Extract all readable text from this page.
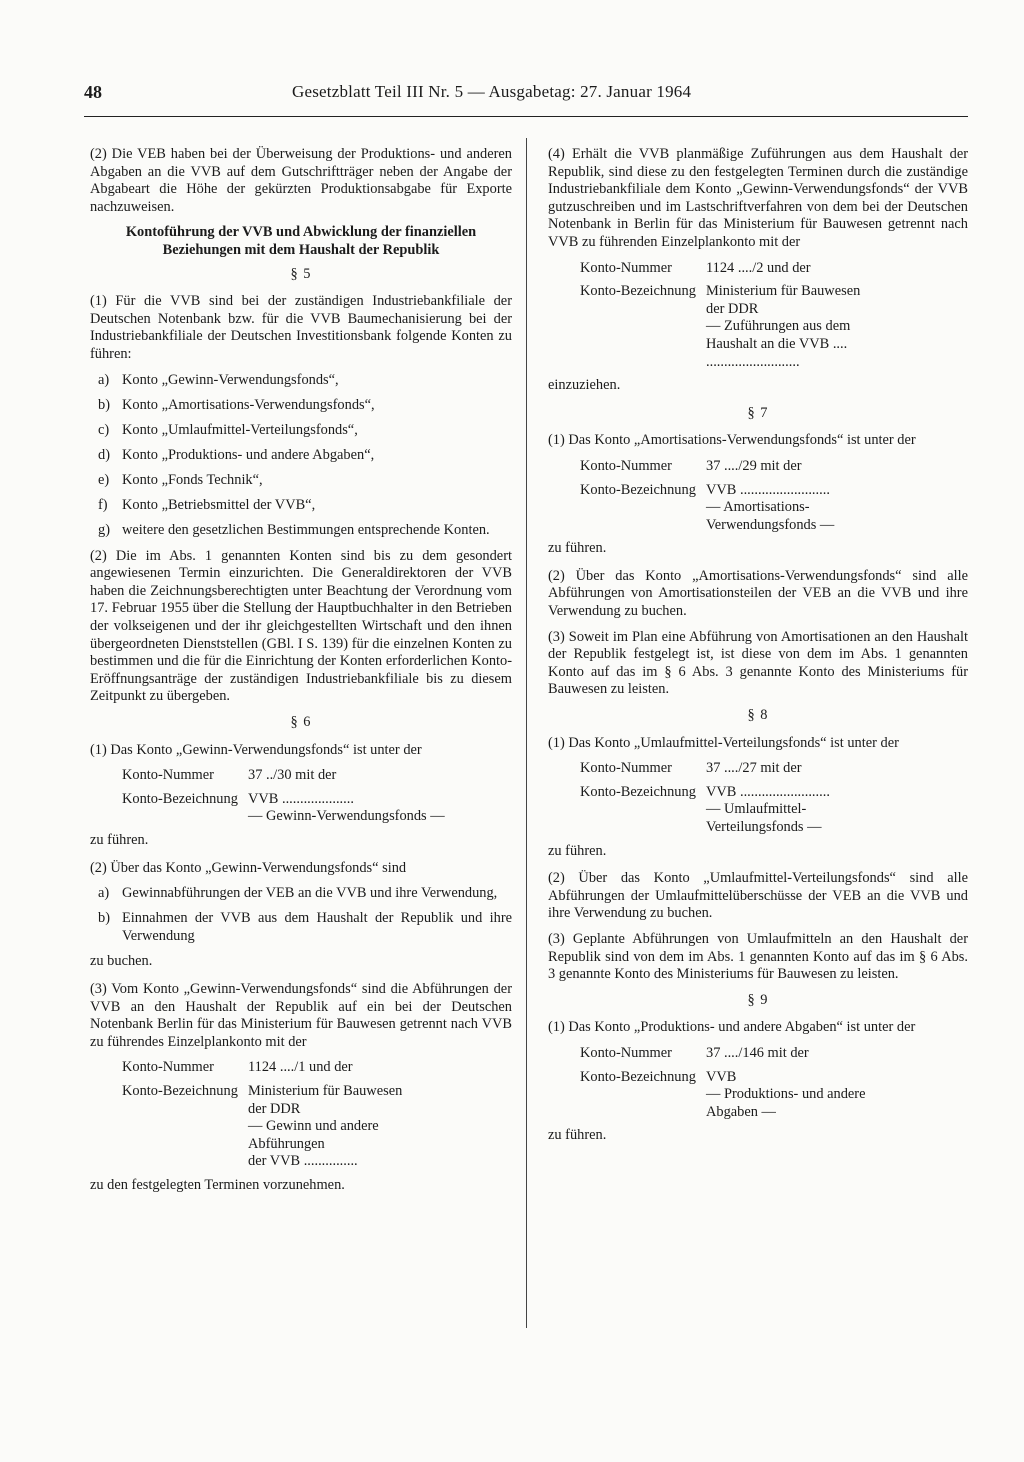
48	Gesetzblatt Teil III Nr. 5 — Ausgabetag: 27. Januar 1964

(2) Die VEB haben bei der Überweisung der Produktions- und anderen Abgaben an die VVB auf dem Gutschriftträger neben der Angabe der Abgabeart die Höhe der gekürzten Produktionsabgabe für Exporte nachzuweisen.

Kontoführung der VVB und Abwicklung der finanziellen Beziehungen mit dem Haushalt der Republik
§ 5

(1) Für die VVB sind bei der zuständigen Industriebankfiliale der Deutschen Notenbank bzw. für die VVB Baumechanisierung bei der Industriebankfiliale der Deutschen Investitionsbank folgende Konten zu führen:

a) Konto „Gewinn-Verwendungsfonds“,
b) Konto „Amortisations-Verwendungsfonds“,
c) Konto „Umlaufmittel-Verteilungsfonds“,
d) Konto „Produktions- und andere Abgaben“,
e) Konto „Fonds Technik“,
f)	Konto „Betriebsmittel der VVB“,
g) weitere den gesetzlichen Bestimmungen entsprechende Konten.

(2) Die im Abs. 1 genannten Konten sind bis zu dem gesondert angewiesenen Termin einzurichten. Die Generaldirektoren der VVB haben die Zeichnungsberechtigten unter Beachtung der Verordnung vom 17. Februar 1955 über die Stellung der Hauptbuchhalter in den Betrieben der volkseigenen und der ihr gleichgestellten Wirtschaft und den ihnen übergeordneten Dienststellen (GBl. I S. 139) für die einzelnen Konten zu bestimmen und die für die Einrichtung der Konten erforderlichen Konto-Eröffnungsanträge der zuständigen Industriebankfiliale bis zu diesem Zeitpunkt zu übergeben.

§ 6

(1) Das Konto „Gewinn-Verwendungsfonds“ ist unter der

Konto-Nummer	37 ../30 mit der
Konto-Bezeichnung VVB ....................
— Gewinn-Verwendungsfonds —

zu führen.

(2) Über das Konto „Gewinn-Verwendungsfonds“ sind

a) Gewinnabführungen der VEB an die VVB und ihre Verwendung,
b) Einnahmen der VVB aus dem Haushalt der Republik und ihre Verwendung

zu buchen.

(3) Vom Konto „Gewinn-Verwendungsfonds“ sind die Abführungen der VVB an den Haushalt der Republik auf ein bei der Deutschen Notenbank Berlin für das Ministerium für Bauwesen getrennt nach VVB zu führendes Einzelplankonto mit der

Konto-Nummer	1124 ..../1 und der
Konto-Bezeichnung Ministerium für Bauwesen
der DDR
— Gewinn und andere
Abführungen
der VVB ...............

zu den festgelegten Terminen vorzunehmen.

(4) Erhält die VVB planmäßige Zuführungen aus dem Haushalt der Republik, sind diese zu den festgelegten Terminen durch die zuständige Industriebankfiliale dem Konto „Gewinn-Verwendungsfonds“ der VVB gutzuschreiben und im Lastschriftverfahren von dem bei der Deutschen Notenbank in Berlin für das Ministerium für Bauwesen getrennt nach VVB zu führenden Einzelplankonto mit der

Konto-Nummer	1124 ..../2 und der
Konto-Bezeichnung Ministerium für Bauwesen
der DDR
— Zuführungen aus dem
Haushalt an die VVB ....
..........................

einzuziehen.

§ 7

(1) Das Konto „Amortisations-Verwendungsfonds“ ist unter der

Konto-Nummer	37 ..../29 mit der
Konto-Bezeichnung VVB .........................
— Amortisations-
Verwendungsfonds —

zu führen.

(2) Über das Konto „Amortisations-Verwendungsfonds“ sind alle Abführungen von Amortisationsteilen der VEB an die VVB und ihre Verwendung zu buchen.

(3) Soweit im Plan eine Abführung von Amortisationen an den Haushalt der Republik festgelegt ist, ist diese von dem im Abs. 1 genannten Konto auf das im § 6 Abs. 3 genannte Konto des Ministeriums für Bauwesen zu leisten.

§ 8

(1) Das Konto „Umlaufmittel-Verteilungsfonds“ ist unter der

Konto-Nummer	37 ..../27 mit der
Konto-Bezeichnung VVB .........................
— Umlaufmittel-
Verteilungsfonds —

zu führen.

(2) Über das Konto „Umlaufmittel-Verteilungsfonds“ sind alle Abführungen der Umlaufmittelüberschüsse der VEB an die VVB und ihre Verwendung zu buchen.

(3) Geplante Abführungen von Umlaufmitteln an den Haushalt der Republik sind von dem im Abs. 1 genannten Konto auf das im § 6 Abs. 3 genannte Konto des Ministeriums für Bauwesen zu leisten.

§ 9

(1) Das Konto „Produktions- und andere Abgaben“ ist unter der

Konto-Nummer	37 ..../146 mit der
Konto-Bezeichnung VVB
— Produktions- und andere
Abgaben —

zu führen.
